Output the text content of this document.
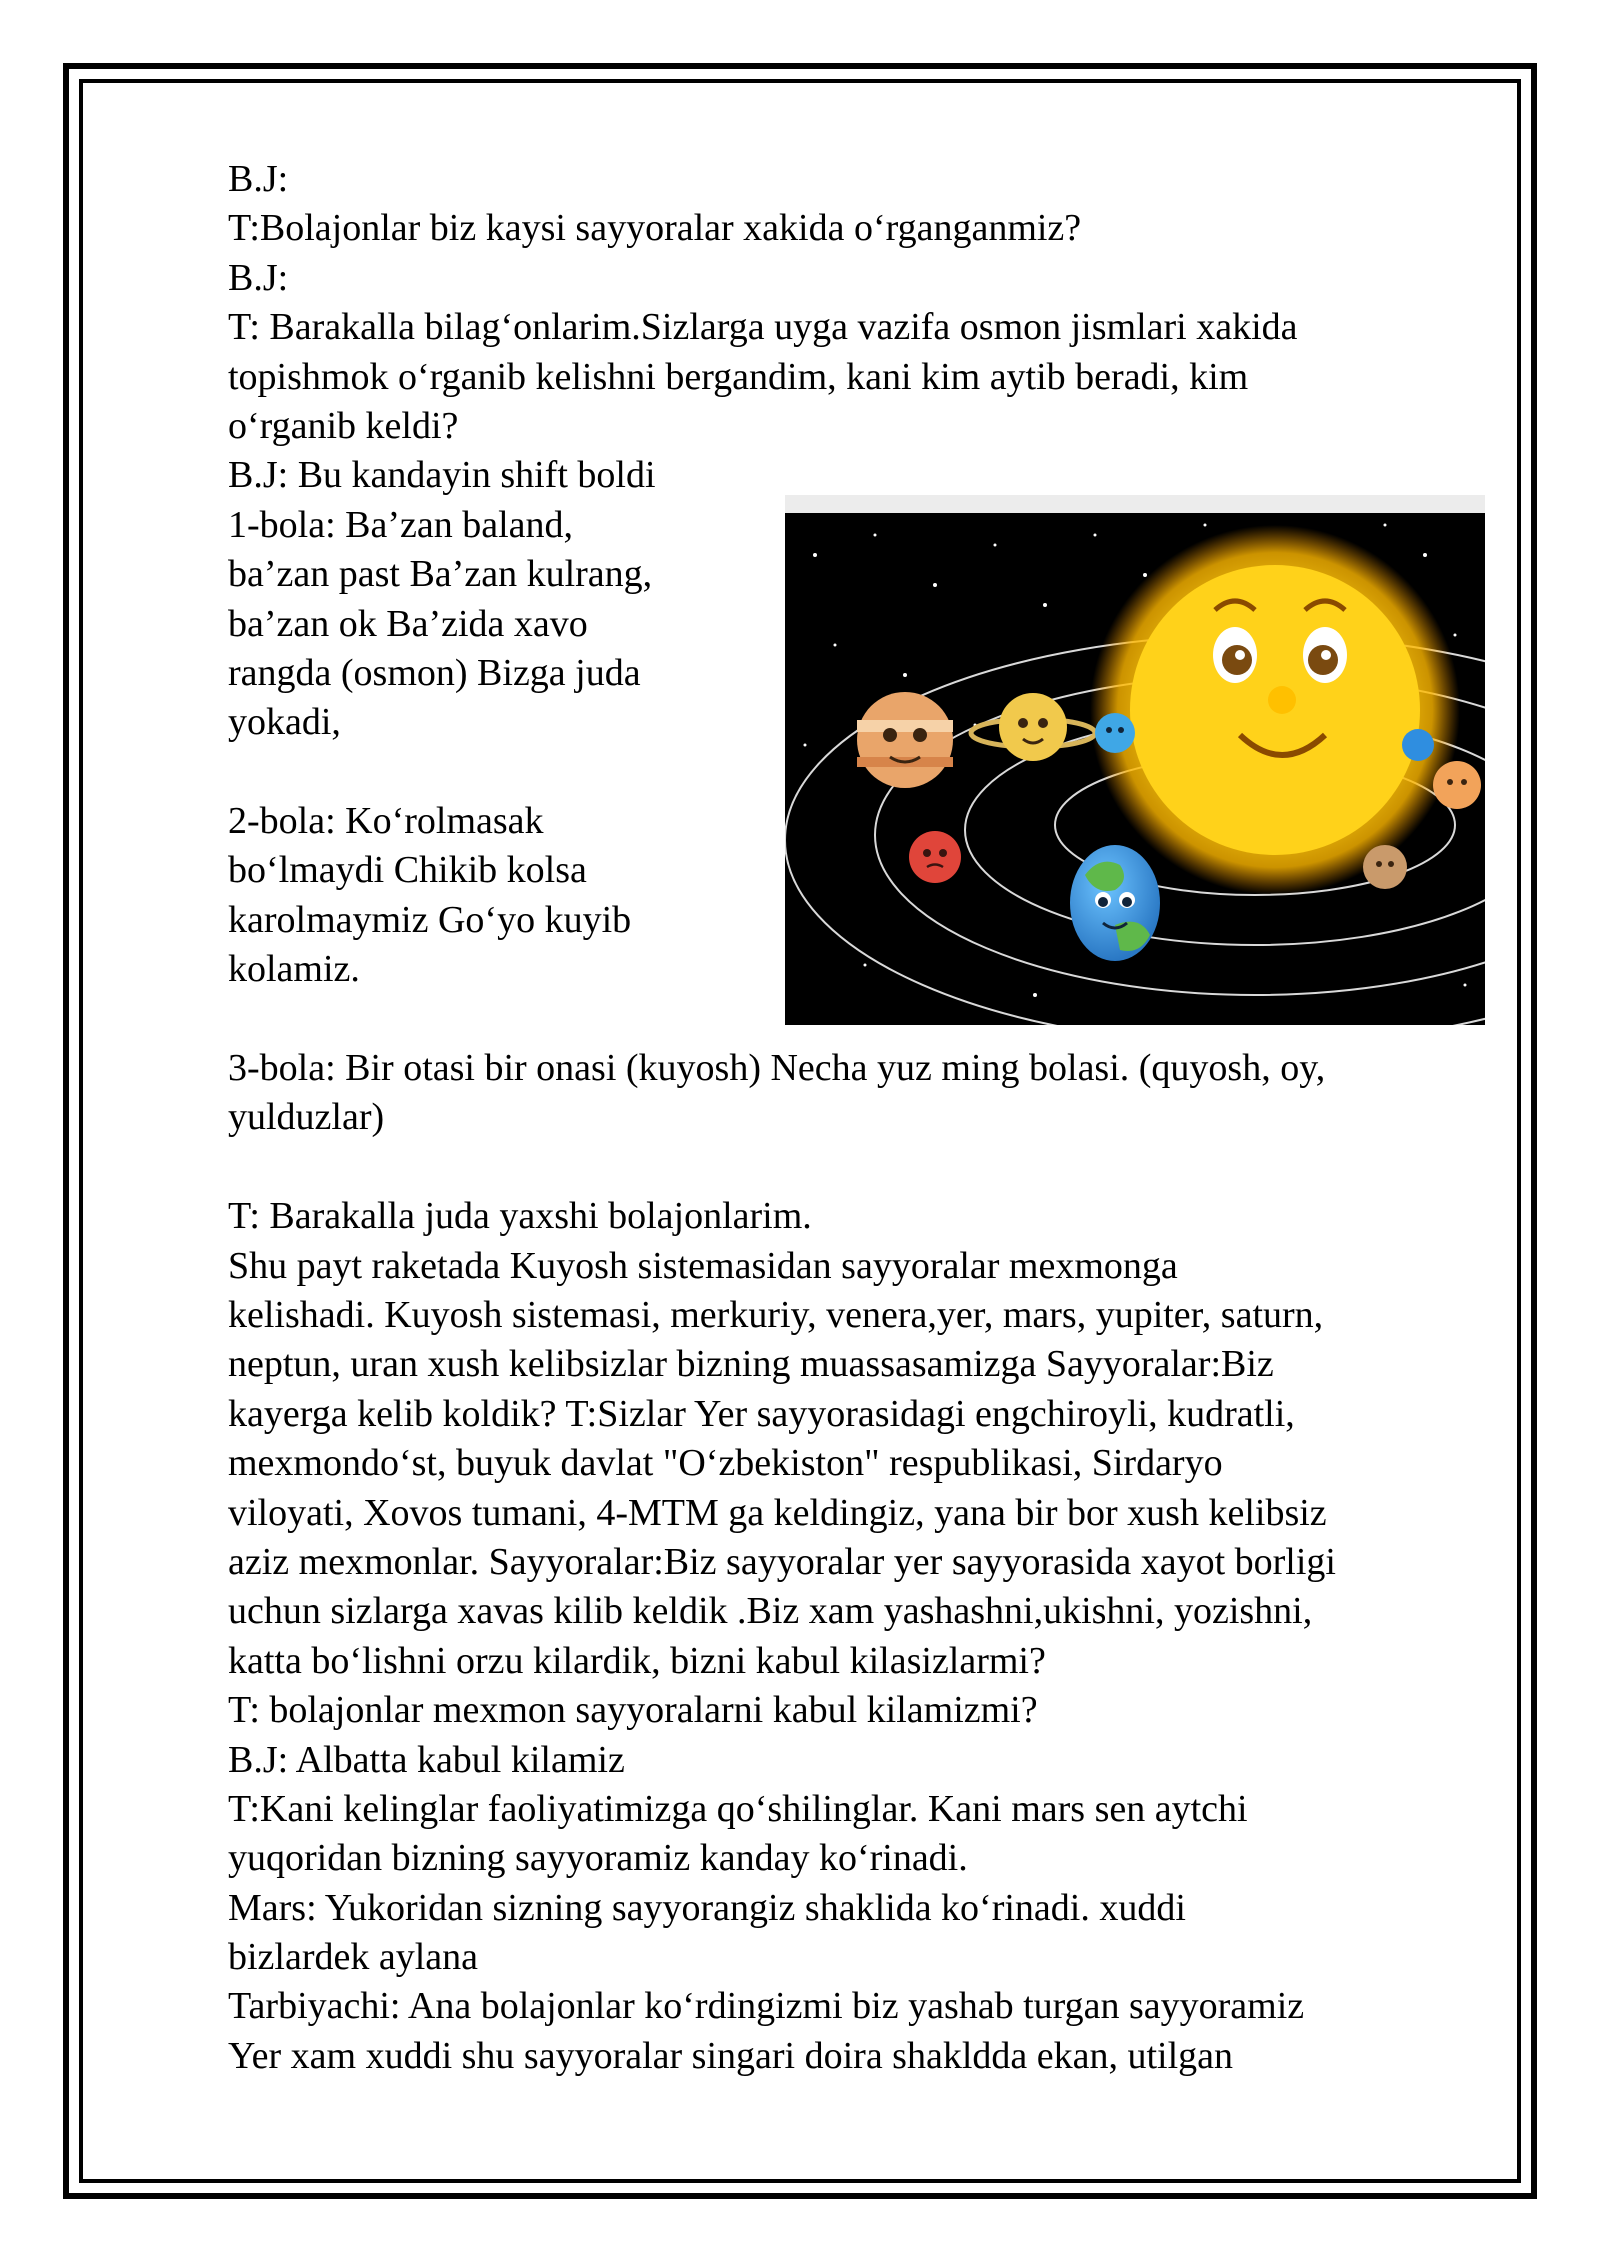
B.J:
T:Bolajonlar biz kaysi sayyoralar xakida o‘rganganmiz?
B.J:
T: Barakalla bilag‘onlarim.Sizlarga uyga vazifa osmon jismlari xakida
topishmok o‘rganib kelishni bergandim, kani kim aytib beradi, kim
o‘rganib keldi?
B.J: Bu kandayin shift boldi
1-bola: Ba’zan baland,
ba’zan past Ba’zan kulrang,
ba’zan ok Ba’zida xavo
rangda (osmon) Bizga juda
yokadi,
2-bola: Ko‘rolmasak
bo‘lmaydi Chikib kolsa
karolmaymiz Go‘yo kuyib
kolamiz.
3-bola: Bir otasi bir onasi (kuyosh) Necha yuz ming bolasi. (quyosh, oy,
yulduzlar)
T: Barakalla juda yaxshi bolajonlarim.
Shu payt raketada Kuyosh sistemasidan sayyoralar mexmonga
kelishadi. Kuyosh sistemasi, merkuriy, venera,yer, mars, yupiter, saturn,
neptun, uran xush kelibsizlar bizning muassasamizga Sayyoralar:Biz
kayerga kelib koldik? T:Sizlar Yer sayyorasidagi engchiroyli, kudratli,
mexmondo‘st, buyuk davlat "O‘zbekiston" respublikasi, Sirdaryo
viloyati, Xovos tumani, 4-MTM ga keldingiz, yana bir bor xush kelibsiz
aziz mexmonlar. Sayyoralar:Biz sayyoralar yer sayyorasida xayot borligi
uchun sizlarga xavas kilib keldik .Biz xam yashashni,ukishni, yozishni,
katta bo‘lishni orzu kilardik, bizni kabul kilasizlarmi?
T: bolajonlar mexmon sayyoralarni kabul kilamizmi?
B.J: Albatta kabul kilamiz
T:Kani kelinglar faoliyatimizga qo‘shilinglar. Kani mars sen aytchi
yuqoridan bizning sayyoramiz kanday ko‘rinadi.
Mars: Yukoridan sizning sayyorangiz shaklida ko‘rinadi. xuddi
bizlardek aylana
Tarbiyachi: Ana bolajonlar ko‘rdingizmi biz yashab turgan sayyoramiz
Yer xam xuddi shu sayyoralar singari doira shakldda ekan, utilgan
